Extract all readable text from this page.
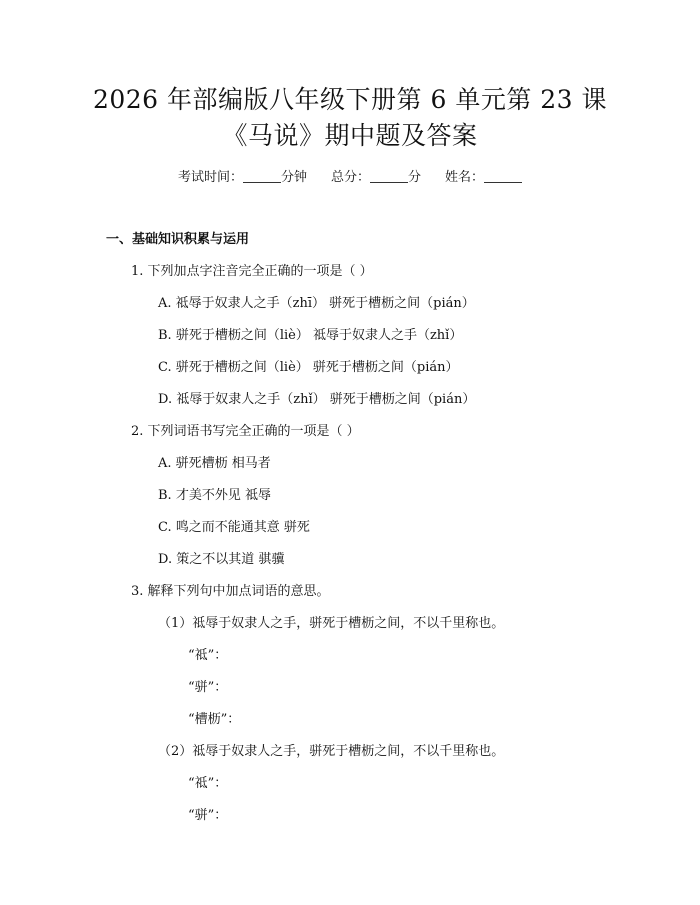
2026 年部编版八年级下册第 6 单元第 23 课
《马说》期中题及答案
考试时间：	分钟 总分：	分 姓名：
一、基础知识积累与运用
1. 下列加点字注音完全正确的一项是（ ）
A. 祗辱于奴隶人之手（zhī） 骈死于槽枥之间（pián）
B. 骈死于槽枥之间（liè） 祗辱于奴隶人之手（zhǐ）
C. 骈死于槽枥之间（liè） 骈死于槽枥之间（pián）
D. 祗辱于奴隶人之手（zhǐ） 骈死于槽枥之间（pián）
2. 下列词语书写完全正确的一项是（ ）
A. 骈死槽枥 相马者
B. 才美不外见 祗辱
C. 鸣之而不能通其意 骈死
D. 策之不以其道 骐骥
3. 解释下列句中加点词语的意思。
（1）祗辱于奴隶人之手，骈死于槽枥之间，不以千里称也。
“祗”：
“骈”：
“槽枥”：
（2）祗辱于奴隶人之手，骈死于槽枥之间，不以千里称也。
“祗”：
“骈”：
